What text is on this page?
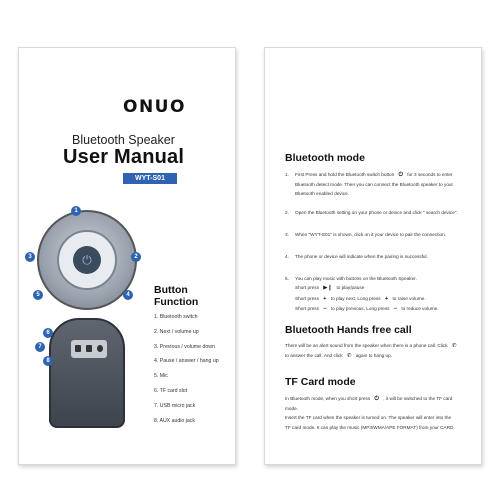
ONUO
Bluetooth Speaker
User Manual
WYT-S01
⏻
1
2
3
4
5
6
7
8
Button Function
1. Bluetooth switch
2. Next / volume up
3. Previous / volume down
4. Pause / answer / hang up
5. Mic
6. TF card slot
7. USB micro jack
8. AUX audio jack
Bluetooth mode
1.	First Press and hold the Bluetooth switch button ⏻ for 3 seconds to enter
Bluetooth detect mode. Then you can connect the Bluetooth speaker to your
Bluetooth enabled device.
2.	Open the Bluetooth setting on your phone or device and click " search device".
3.	When "WYT-S01" is shown, click on it your device to pair the connection.
4.	The phone or device will indicate when the pairing is successful.
5.	You can play music with buttons on the Bluetooth Speaker.
Short press ▶❙ to play/pause
Short press + to play next, Long press + to raise volume.
Short press − to play previous, Long press − to reduce volume.
Bluetooth Hands free call
There will be an alert sound from the speaker when there is a phone call. Click ✆
to answer the call. And click ✆ again to hang up.
TF Card mode
In Bluetooth mode, when you short press ⏻ , it will be switched to the TF card
mode.
Insert the TF card when the speaker is turned on. The speaker will enter into the
TF card mode. It can play the music (MP3/WMA/APE FORMAT) from your CARD.
